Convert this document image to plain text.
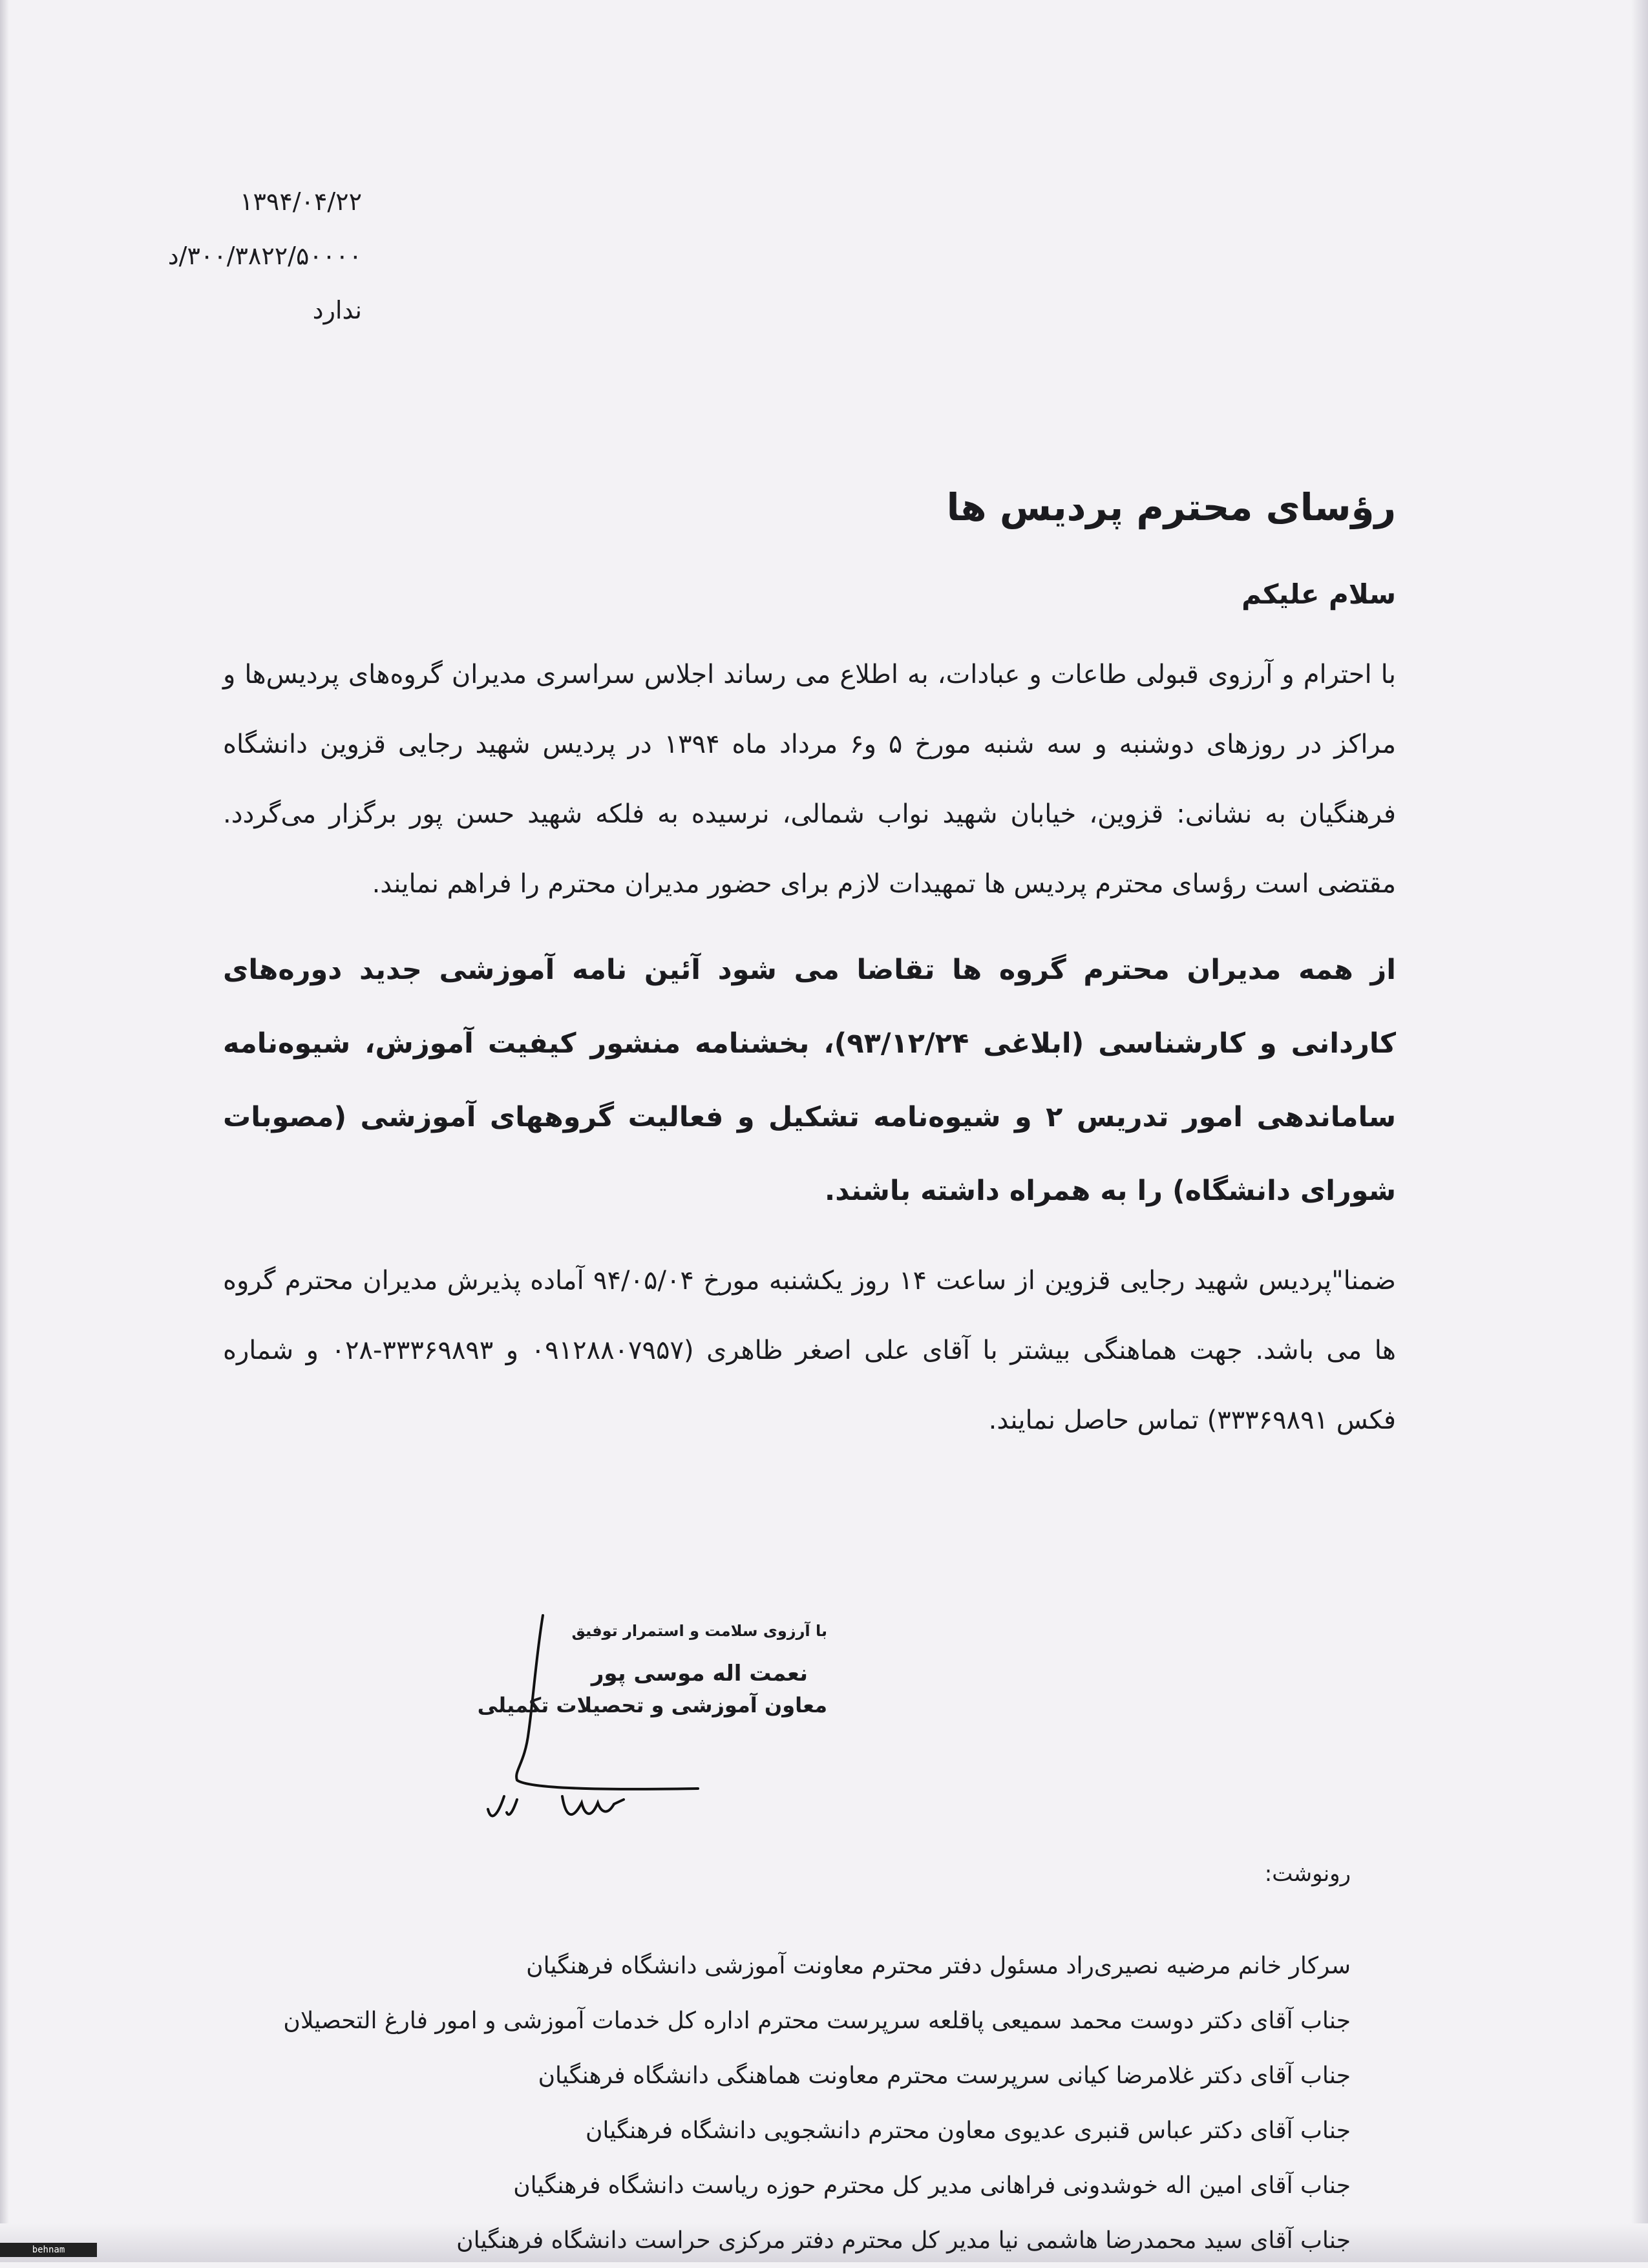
۱۳۹۴/۰۴/۲۲
۳۰۰/۳۸۲۲/۵۰۰۰۰/د
ندارد
رؤسای محترم پردیس ها
سلام علیکم

با احترام و آرزوی قبولی طاعات و عبادات، به اطلاع می رساند اجلاس سراسری مدیران گروه‌های پردیس‌ها و مراکز در روزهای دوشنبه و سه شنبه مورخ ۵ و۶ مرداد ماه ۱۳۹۴ در پردیس شهید رجایی قزوین دانشگاه فرهنگیان به نشانی: قزوین، خیابان شهید نواب شمالی، نرسیده به فلکه شهید حسن پور برگزار می‌گردد. مقتضی است رؤسای محترم پردیس ها تمهیدات لازم برای حضور مدیران محترم را فراهم نمایند.

از همه مدیران محترم گروه ها تقاضا می شود آئین نامه آموزشی جدید دوره‌های کاردانی و کارشناسی (ابلاغی ۹۳/۱۲/۲۴)، بخشنامه منشور کیفیت آموزش، شیوه‌نامه ساماندهی امور تدریس ۲ و شیوه‌نامه تشکیل و فعالیت گروههای آموزشی (مصوبات شورای دانشگاه) را به همراه داشته باشند.

ضمنا"پردیس شهید رجایی قزوین از ساعت ۱۴ روز یکشنبه مورخ ۹۴/۰۵/۰۴ آماده پذیرش مدیران محترم گروه ها می باشد. جهت هماهنگی بیشتر با آقای علی اصغر ظاهری (۰۹۱۲۸۸۰۷۹۵۷ و ۳۳۳۶۹۸۹۳-۰۲۸ و شماره فکس ۳۳۳۶۹۸۹۱) تماس حاصل نمایند.

با آرزوی سلامت و استمرار توفیق
نعمت اله موسی پور
معاون آموزشی و تحصیلات تکمیلی
رونوشت:
سرکار خانم مرضیه نصیری‌راد مسئول دفتر محترم معاونت آموزشی دانشگاه فرهنگیان
جناب آقای دکتر دوست محمد سمیعی پاقلعه سرپرست محترم اداره کل خدمات آموزشی و امور فارغ التحصیلان
جناب آقای دکتر غلامرضا کیانی سرپرست محترم معاونت هماهنگی دانشگاه فرهنگیان
جناب آقای دکتر عباس قنبری عدیوی معاون محترم دانشجویی دانشگاه فرهنگیان
جناب آقای امین اله خوشدونی فراهانی مدیر کل محترم حوزه ریاست دانشگاه فرهنگیان
جناب آقای سید محمدرضا هاشمی نیا مدیر کل محترم دفتر مرکزی حراست دانشگاه فرهنگیان
behnam
